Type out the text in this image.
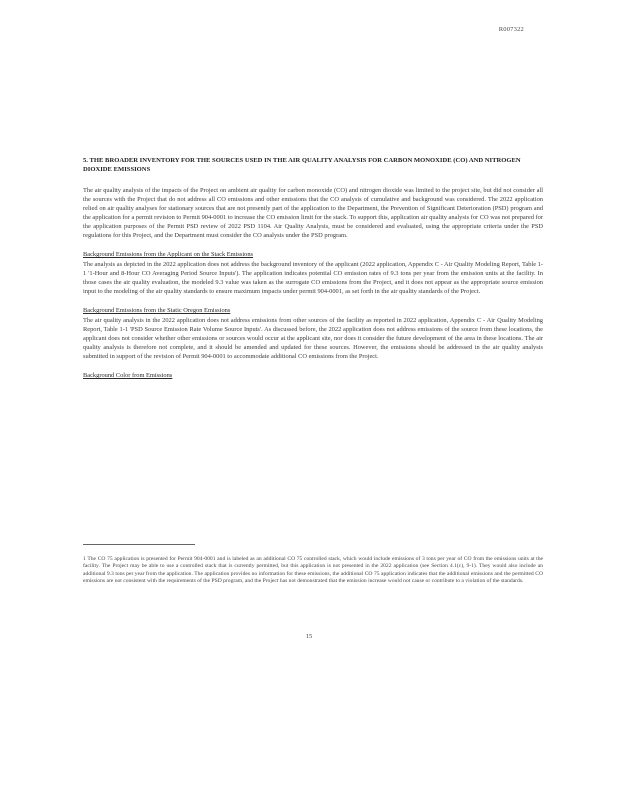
R007322

5. THE BROADER INVENTORY FOR THE SOURCES USED IN THE AIR QUALITY ANALYSIS FOR CARBON MONOXIDE (CO) AND NITROGEN DIOXIDE EMISSIONS

The air quality analysis of the impacts of the Project on ambient air quality for carbon monoxide (CO) and nitrogen dioxide was limited to the project site, but did not consider all the sources with the Project that do not address all CO emissions and other emissions that the CO analysis of cumulative and background was considered. The 2022 application relied on air quality analyses for stationary sources that are not presently part of the application to the Department, the Prevention of Significant Deterioration (PSD) program and the application for a permit revision to Permit 904-0001 to increase the CO emission limit for the stack. To support this, application air quality analysis for CO was not prepared for the application purposes of the Permit PSD review of 2022 PSD 1104. Air Quality Analysis, must be considered and evaluated, using the appropriate criteria under the PSD regulations for this Project, and the Department must consider the CO analysis under the PSD program.

Background Emissions from the Applicant on the Stack Emissions

The analysis as depicted in the 2022 application does not address the background inventory of the applicant (2022 application, Appendix C - Air Quality Modeling Report, Table 1-1 '1-Hour and 8-Hour CO Averaging Period Source Inputs'). The application indicates potential CO emission rates of 9.3 tons per year from the emission units at the facility. In those cases the air quality evaluation, the modeled 9.3 value was taken as the surrogate CO emissions from the Project, and it does not appear as the appropriate source emission input to the modeling of the air quality standards to ensure maximum impacts under permit 904-0001, as set forth in the air quality standards of the Project.

Background Emissions from the Static Oregon Emissions

The air quality analysis in the 2022 application does not address emissions from other sources of the facility as reported in 2022 application, Appendix C - Air Quality Modeling Report, Table 1-1 'PSD Source Emission Rate Volume Source Inputs'. As discussed before, the 2022 application does not address emissions of the source from these locations, the applicant does not consider whether other emissions or sources would occur at the applicant site, nor does it consider the future development of the area in these locations. The air quality analysis is therefore not complete, and it should be amended and updated for these sources. However, the emissions should be addressed in the air quality analysis submitted in support of the revision of Permit 904-0001 to accommodate additional CO emissions from the Project.

Background Color from Emissions

1 The CO 75 application is presented for Permit 904-0001 and is labeled as an additional CO 75 controlled stack, which would include emissions of 3 tons per year of CO from the emissions units at the facility. The Project may be able to use a controlled stack that is currently permitted, but this application is not presented in the 2022 application (see Section 4.1(c), 9-1). They would also include an additional 9.3 tons per year from the application. The application provides no information for these emissions, the additional CO 75 application indicates that the additional emissions and the permitted CO emissions are not consistent with the requirements of the PSD program, and the Project has not demonstrated that the emission increase would not cause or contribute to a violation of the standards.

15
